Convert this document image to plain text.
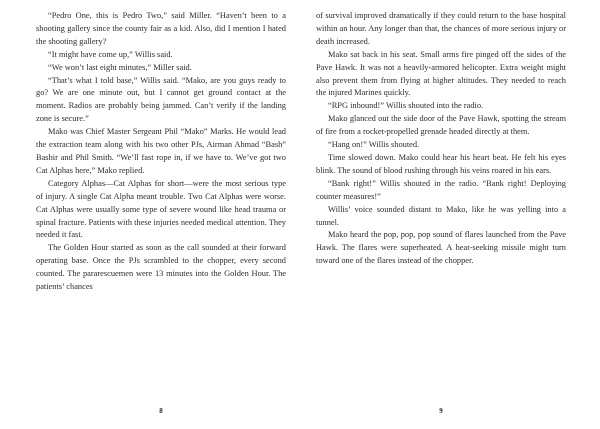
“Pedro One, this is Pedro Two,” said Miller. “Haven’t been to a shooting gallery since the county fair as a kid. Also, did I mention I hated the shooting gallery?

“It might have come up,” Willis said.

“We won’t last eight minutes,” Miller said.

“That’s what I told base,” Willis said. “Mako, are you guys ready to go? We are one minute out, but I cannot get ground contact at the moment. Radios are probably being jammed. Can’t verify if the landing zone is secure.”

Mako was Chief Master Sergeant Phil “Mako” Marks. He would lead the extraction team along with his two other PJs, Airman Ahmad “Bash” Bashir and Phil Smith. “We’ll fast rope in, if we have to. We’ve got two Cat Alphas here,” Mako replied.

Category Alphas—Cat Alphas for short—were the most serious type of injury. A single Cat Alpha meant trouble. Two Cat Alphas were worse. Cat Alphas were usually some type of severe wound like head trauma or spinal fracture. Patients with these injuries needed medical attention. They needed it fast.

The Golden Hour started as soon as the call sounded at their forward operating base. Once the PJs scrambled to the chopper, every second counted. The pararescuemen were 13 minutes into the Golden Hour. The patients’ chances

8

of survival improved dramatically if they could return to the base hospital within an hour. Any longer than that, the chances of more serious injury or death increased.

Mako sat back in his seat. Small arms fire pinged off the sides of the Pave Hawk. It was not a heavily-armored helicopter. Extra weight might also prevent them from flying at higher altitudes. They needed to reach the injured Marines quickly.

“RPG inbound!” Willis shouted into the radio.

Mako glanced out the side door of the Pave Hawk, spotting the stream of fire from a rocket-propelled grenade headed directly at them.

“Hang on!” Willis shouted.

Time slowed down. Mako could hear his heart beat. He felt his eyes blink. The sound of blood rushing through his veins roared in his ears.

“Bank right!” Willis shouted in the radio. “Bank right! Deploying counter measures!”

Willis’ voice sounded distant to Mako, like he was yelling into a tunnel.

Mako heard the pop, pop, pop sound of flares launched from the Pave Hawk. The flares were superheated. A heat-seeking missile might turn toward one of the flares instead of the chopper.

9
